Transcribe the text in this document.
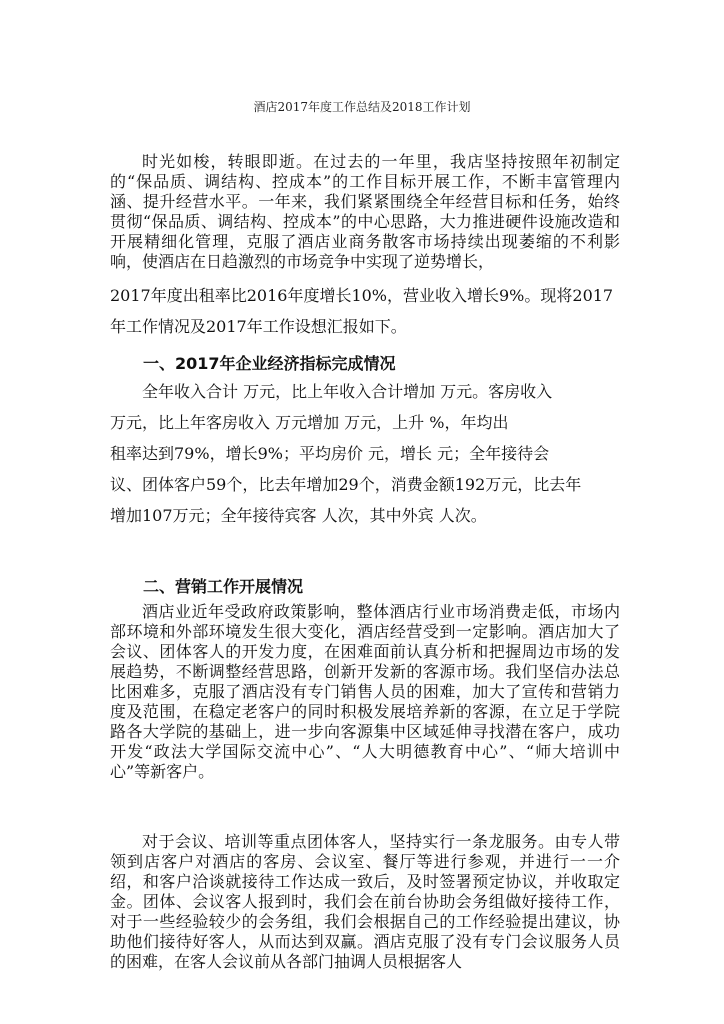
酒店2017年度工作总结及2018工作计划

时光如梭，转眼即逝。在过去的一年里，我店坚持按照年初制定的“保品质、调结构、控成本”的工作目标开展工作，不断丰富管理内涵、提升经营水平。一年来，我们紧紧围绕全年经营目标和任务，始终贯彻“保品质、调结构、控成本”的中心思路，大力推进硬件设施改造和开展精细化管理，克服了酒店业商务散客市场持续出现萎缩的不利影响，使酒店在日趋激烈的市场竞争中实现了逆势增长，

2017年度出租率比2016年度增长10%，营业收入增长9%。现将2017
年工作情况及2017年工作设想汇报如下。
一、2017年企业经济指标完成情况
全年收入合计 万元，比上年收入合计增加 万元。客房收入
万元，比上年客房收入 万元增加 万元，上升 %，年均出
租率达到79%，增长9%；平均房价 元，增长 元；全年接待会
议、团体客户59个，比去年增加29个，消费金额192万元，比去年
增加107万元；全年接待宾客 人次，其中外宾 人次。
二、营销工作开展情况

酒店业近年受政府政策影响，整体酒店行业市场消费走低，市场内部环境和外部环境发生很大变化，酒店经营受到一定影响。酒店加大了会议、团体客人的开发力度，在困难面前认真分析和把握周边市场的发展趋势，不断调整经营思路，创新开发新的客源市场。我们坚信办法总比困难多，克服了酒店没有专门销售人员的困难，加大了宣传和营销力度及范围，在稳定老客户的同时积极发展培养新的客源，在立足于学院路各大学院的基础上，进一步向客源集中区域延伸寻找潜在客户，成功开发“政法大学国际交流中心”、“人大明德教育中心”、“师大培训中心”等新客户。

对于会议、培训等重点团体客人，坚持实行一条龙服务。由专人带领到店客户对酒店的客房、会议室、餐厅等进行参观，并进行一一介绍，和客户洽谈就接待工作达成一致后，及时签署预定协议，并收取定金。团体、会议客人报到时，我们会在前台协助会务组做好接待工作，对于一些经验较少的会务组，我们会根据自己的工作经验提出建议，协助他们接待好客人，从而达到双赢。酒店克服了没有专门会议服务人员的困难，在客人会议前从各部门抽调人员根据客人
